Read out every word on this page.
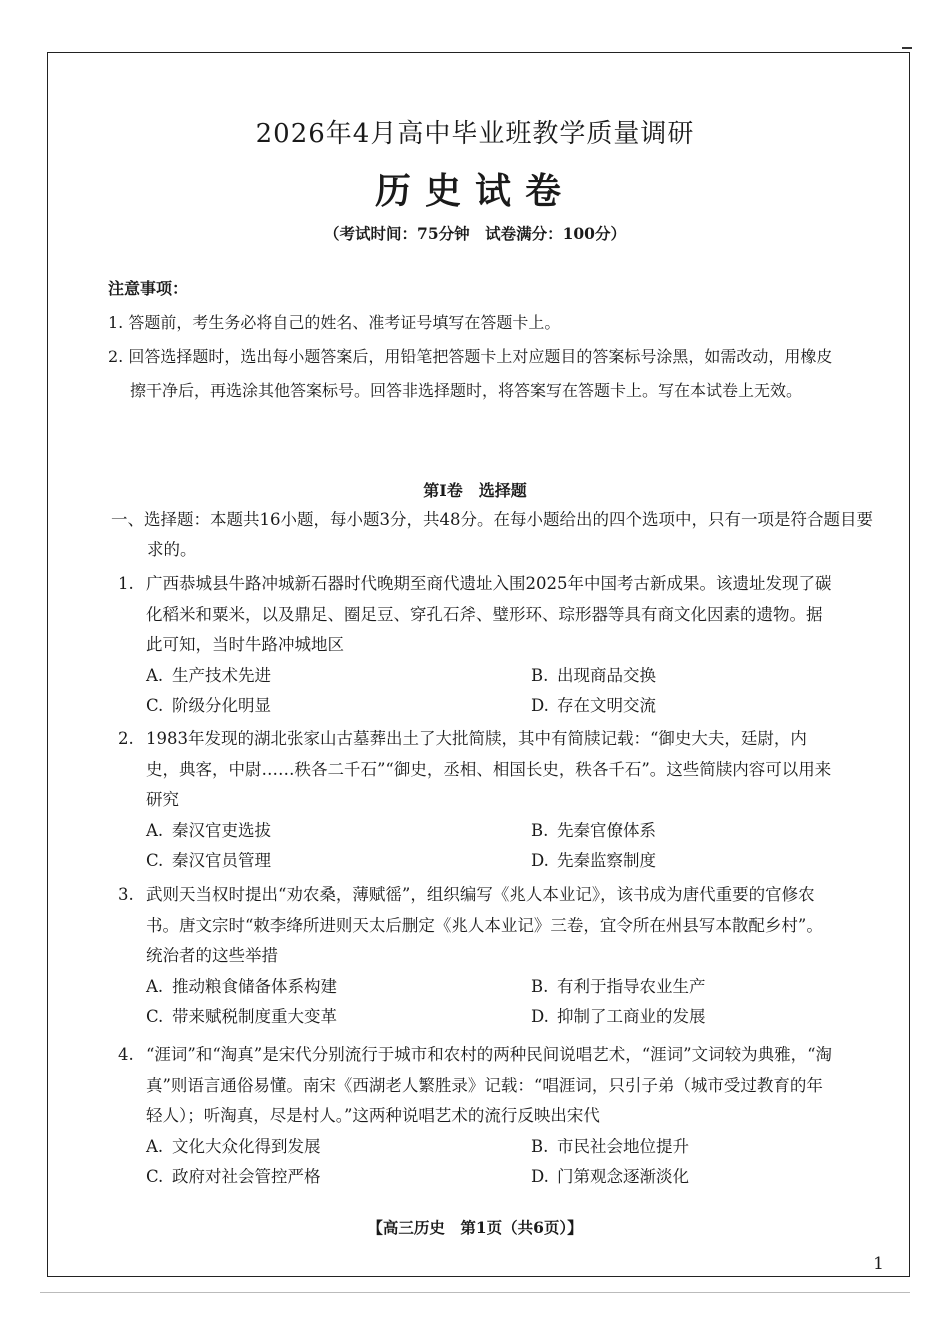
2026年4月高中毕业班教学质量调研
历史试卷
（考试时间：75分钟　试卷满分：100分）
注意事项：
1. 答题前，考生务必将自己的姓名、准考证号填写在答题卡上。
2. 回答选择题时，选出每小题答案后，用铅笔把答题卡上对应题目的答案标号涂黑，如需改动，用橡皮擦干净后，再选涂其他答案标号。回答非选择题时，将答案写在答题卡上。写在本试卷上无效。
第Ⅰ卷　选择题
一、选择题：本题共16小题，每小题3分，共48分。在每小题给出的四个选项中，只有一项是符合题目要求的。
1. 广西恭城县牛路冲城新石器时代晚期至商代遗址入围2025年中国考古新成果。该遗址发现了碳化稻米和粟米，以及鼎足、圈足豆、穿孔石斧、璧形环、琮形器等具有商文化因素的遗物。据此可知，当时牛路冲城地区
A. 生产技术先进	B. 出现商品交换
C. 阶级分化明显	D. 存在文明交流
2. 1983年发现的湖北张家山古墓葬出土了大批简牍，其中有简牍记载：“御史大夫，廷尉，内史，典客，中尉……秩各二千石”“御史，丞相、相国长史，秩各千石”。这些简牍内容可以用来研究
A. 秦汉官吏选拔	B. 先秦官僚体系
C. 秦汉官员管理	D. 先秦监察制度
3. 武则天当权时提出“劝农桑，薄赋徭”，组织编写《兆人本业记》，该书成为唐代重要的官修农书。唐文宗时“敕李绛所进则天太后删定《兆人本业记》三卷，宜令所在州县写本散配乡村”。统治者的这些举措
A. 推动粮食储备体系构建	B. 有利于指导农业生产
C. 带来赋税制度重大变革	D. 抑制了工商业的发展
4. “涯词”和“淘真”是宋代分别流行于城市和农村的两种民间说唱艺术，“涯词”文词较为典雅，“淘真”则语言通俗易懂。南宋《西湖老人繁胜录》记载：“唱涯词，只引子弟（城市受过教育的年轻人）；听淘真，尽是村人。”这两种说唱艺术的流行反映出宋代
A. 文化大众化得到发展	B. 市民社会地位提升
C. 政府对社会管控严格	D. 门第观念逐渐淡化
【高三历史　第1页（共6页）】
1
